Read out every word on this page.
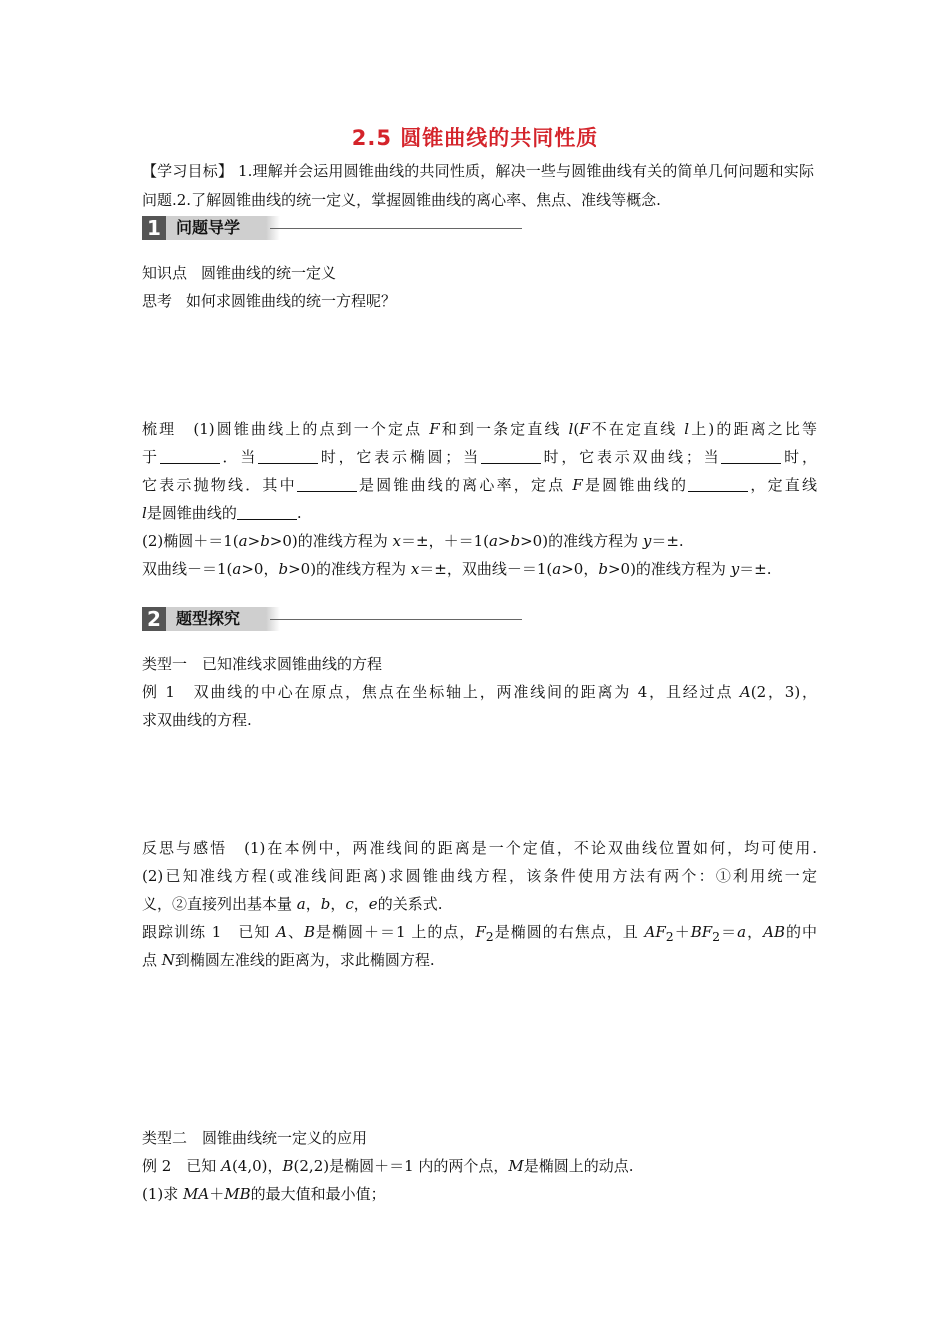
2.5 圆锥曲线的共同性质
【学习目标】 1.理解并会运用圆锥曲线的共同性质，解决一些与圆锥曲线有关的简单几何问题和实际问题.2.了解圆锥曲线的统一定义，掌握圆锥曲线的离心率、焦点、准线等概念.
1 问题导学
知识点 圆锥曲线的统一定义
思考 如何求圆锥曲线的统一方程呢？
梳理　(1)圆锥曲线上的点到一个定点 F和到一条定直线 l(F不在定直线 l上)的距离之比等
于	．当	时，它表示椭圆；当	时，它表示双曲线；当	时，
它表示抛物线．其中	是圆锥曲线的离心率，定点 F是圆锥曲线的	，定直线
l是圆锥曲线的	.
(2)椭圆＋＝1(a>b>0)的准线方程为 x＝±，＋＝1(a>b>0)的准线方程为 y＝±.
双曲线－＝1(a>0，b>0)的准线方程为 x＝±，双曲线－＝1(a>0，b>0)的准线方程为 y＝±.
2 题型探究
类型一　已知准线求圆锥曲线的方程
例 1　双曲线的中心在原点，焦点在坐标轴上，两准线间的距离为 4，且经过点 A(2，3)，
求双曲线的方程.
反思与感悟　(1)在本例中，两准线间的距离是一个定值，不论双曲线位置如何，均可使用.
(2)已知准线方程(或准线间距离)求圆锥曲线方程，该条件使用方法有两个：①利用统一定
义，②直接列出基本量 a，b，c，e的关系式.
跟踪训练 1　已知 A、B是椭圆＋＝1 上的点，$F_2$是椭圆的右焦点，且 $AF_2+BF_2=a$，AB的中
点 N到椭圆左准线的距离为，求此椭圆方程.
类型二　圆锥曲线统一定义的应用
例 2　已知 A(4,0)，B(2,2)是椭圆＋＝1 内的两个点，M是椭圆上的动点.
(1)求 MA＋MB的最大值和最小值；
